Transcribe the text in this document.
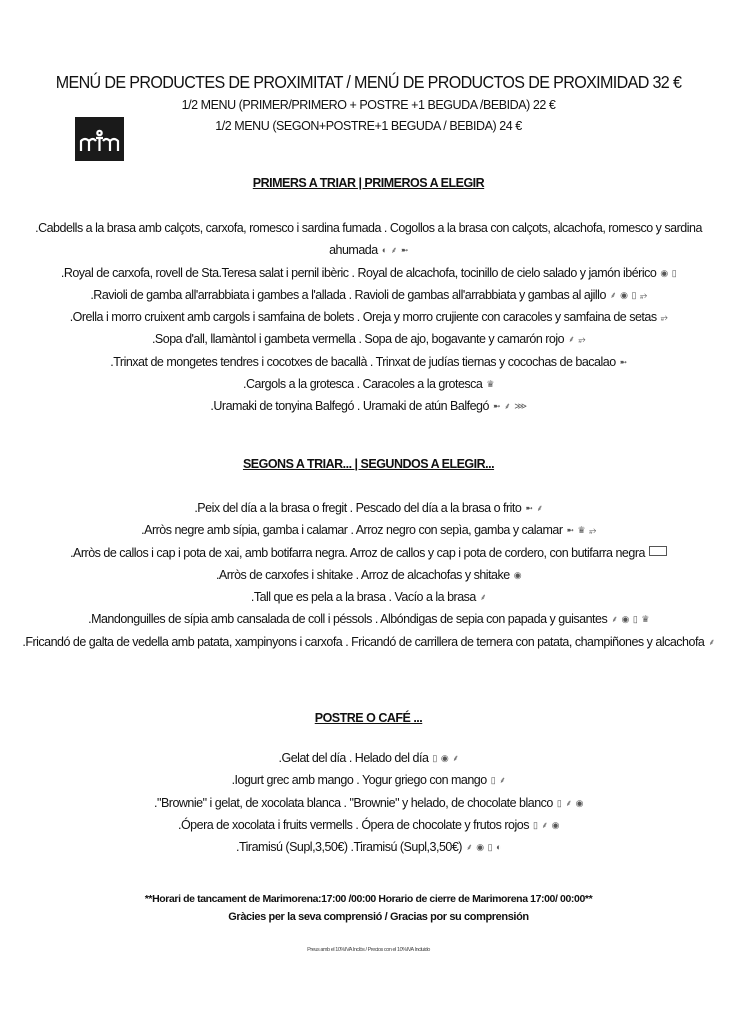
MENÚ DE PRODUCTES DE PROXIMITAT / MENÚ DE PRODUCTOS DE PROXIMIDAD 32 €
1/2 MENU (PRIMER/PRIMERO + POSTRE +1 BEGUDA /BEBIDA) 22 €
1/2 MENU (SEGON+POSTRE+1 BEGUDA / BEBIDA) 24 €
PRIMERS A TRIAR | PRIMEROS A ELEGIR
.Cabdells a la brasa amb calçots, carxofa, romesco i sardina fumada . Cogollos a la brasa con calçots, alcachofa, romesco y sardina ahumada ◐ ⸙ ➼
.Royal de carxofa, rovell de Sta.Teresa salat i pernil ibèric . Royal de alcachofa, tocinillo de cielo salado y jamón ibérico ◉ ▯
.Ravioli de gamba all'arrabbiata i gambes a l'allada . Ravioli de gambas all'arrabbiata y gambas al ajillo ⸙ ◉ ▯ ⥵
.Orella i morro cruixent amb cargols i samfaina de bolets . Oreja y morro crujiente con caracoles y samfaina de setas ⥵
.Sopa d'all, llamàntol i gambeta vermella . Sopa de ajo, bogavante y camarón rojo ⸙ ⥵
.Trinxat de mongetes tendres i cocotxes de bacallà . Trinxat de judías tiernas y cocochas de bacalao ➼
.Cargols a la grotesca . Caracoles a la grotesca ♛
.Uramaki de tonyina Balfegó . Uramaki de atún Balfegó ➼ ⸙ ⋙
SEGONS A TRIAR... | SEGUNDOS A ELEGIR...
.Peix del día a la brasa o fregit . Pescado del día a la brasa o frito ➼ ⸙
.Arròs negre amb sípia, gamba i calamar . Arroz negro con sepìa, gamba y calamar ➼ ♛ ⥵
.Arròs de callos i cap i pota de xai, amb botifarra negra. Arroz de callos y cap i pota de cordero, con butifarra negra
.Arròs de carxofes i shitake . Arroz de alcachofas y shitake ◉
.Tall que es pela a la brasa . Vacío a la brasa ⸙
.Mandonguilles de sípia amb cansalada de coll i péssols . Albóndigas de sepia con papada y guisantes ⸙ ◉ ▯ ♛
.Fricandó de galta de vedella amb patata, xampinyons i carxofa . Fricandó de carrillera de ternera con patata, champiñones y alcachofa ⸙
POSTRE O CAFÉ ...
.Gelat del día . Helado del día ▯ ◉ ⸙
.Iogurt grec amb mango . Yogur griego con mango ▯ ⸙
."Brownie" i gelat, de xocolata blanca . "Brownie" y helado, de chocolate blanco ▯ ⸙ ◉
.Ópera de xocolata i fruits vermells . Ópera de chocolate y frutos rojos ▯ ⸙ ◉
.Tiramisú (Supl,3,50€) .Tiramisú (Supl,3,50€) ⸙ ◉ ▯ ◐
**Horari de tancament de Marimorena:17:00 /00:00 Horario de cierre de Marimorena 17:00/ 00:00**
Gràcies per la seva comprensió / Gracias por su comprensión
Preus amb el 10%IVA Inclòs / Precios con el 10%IVA Incluido
